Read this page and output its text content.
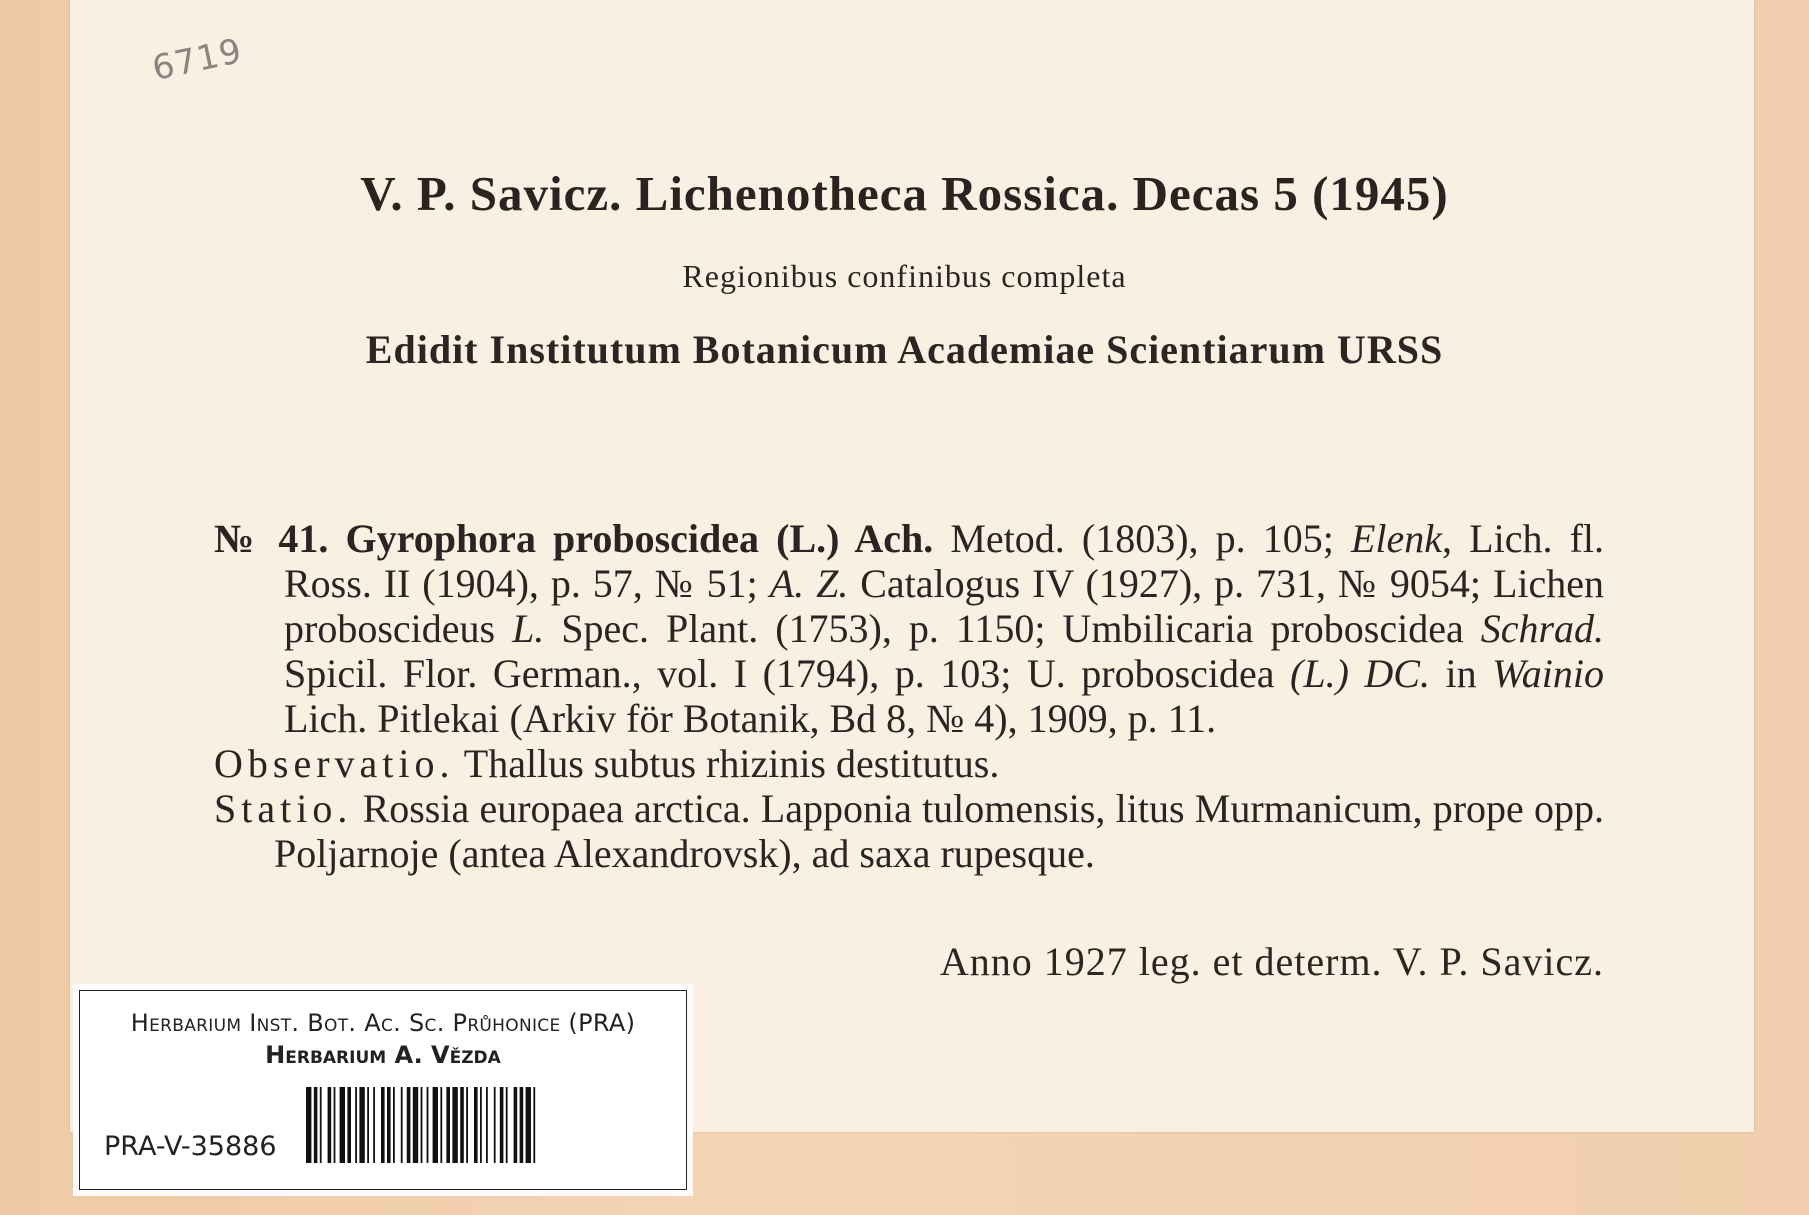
6719
V. P. Savicz. Lichenotheca Rossica. Decas 5 (1945)
Regionibus confinibus completa
Edidit Institutum Botanicum Academiae Scientiarum URSS

№ 41. Gyrophora proboscidea (L.) Ach. Metod. (1803), p. 105; Elenk, Lich. fl. Ross. II (1904), p. 57, № 51; A. Z. Catalogus IV (1927), p. 731, № 9054; Lichen proboscideus L. Spec. Plant. (1753), p. 1150; Umbilicaria proboscidea Schrad. Spicil. Flor. German., vol. I (1794), p. 103; U. proboscidea (L.) DC. in Wainio Lich. Pitlekai (Arkiv för Botanik, Bd 8, № 4), 1909, p. 11.

Observatio. Thallus subtus rhizinis destitutus.

Statio. Rossia europaea arctica. Lapponia tulomensis, litus Murmanicum, prope opp. Poljarnoje (antea Alexandrovsk), ad saxa rupesque.

Anno 1927 leg. et determ. V. P. Savicz.
Herbarium Inst. Bot. Ac. Sc. Průhonice (PRA)
Herbarium A. Vězda
PRA-V-35886
